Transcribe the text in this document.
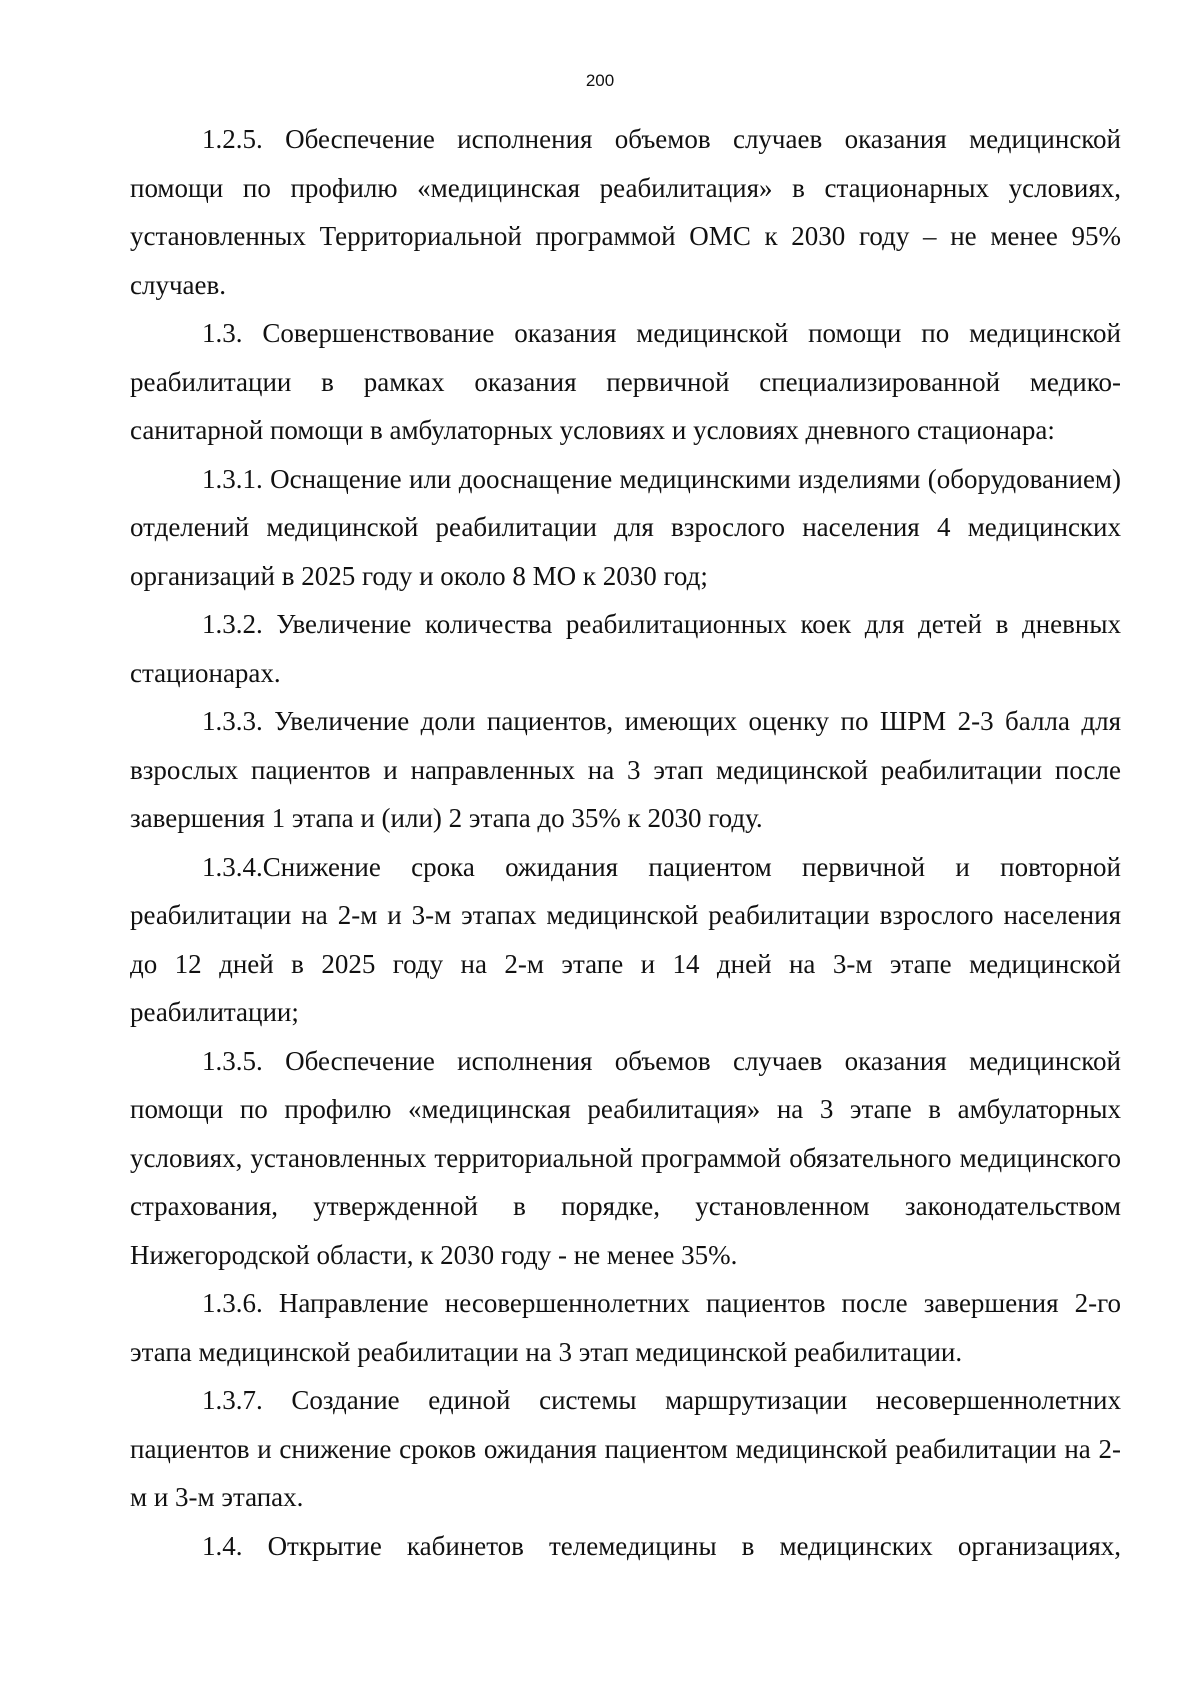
200

1.2.5. Обеспечение исполнения объемов случаев оказания медицинской помощи по профилю «медицинская реабилитация» в стационарных условиях, установленных Территориальной программой ОМС к 2030 году – не менее 95% случаев.

1.3. Совершенствование оказания медицинской помощи по медицинской реабилитации в рамках оказания первичной специализированной медико- санитарной помощи в амбулаторных условиях и условиях дневного стационара:

1.3.1. Оснащение или дооснащение медицинскими изделиями (оборудованием) отделений медицинской реабилитации для взрослого населения 4 медицинских организаций в 2025 году и около 8 МО к 2030 год;

1.3.2. Увеличение количества реабилитационных коек для детей в дневных стационарах.

1.3.3. Увеличение доли пациентов, имеющих оценку по ШРМ 2-3 балла для взрослых пациентов и направленных на 3 этап медицинской реабилитации после завершения 1 этапа и (или) 2 этапа до 35% к 2030 году.

1.3.4.Снижение срока ожидания пациентом первичной и повторной реабилитации на 2-м и 3-м этапах медицинской реабилитации взрослого населения до 12 дней в 2025 году на 2-м этапе и 14 дней на 3-м этапе медицинской реабилитации;

1.3.5. Обеспечение исполнения объемов случаев оказания медицинской помощи по профилю «медицинская реабилитация» на 3 этапе в амбулаторных условиях, установленных территориальной программой обязательного медицинского страхования, утвержденной в порядке, установленном законодательством Нижегородской области, к 2030 году - не менее 35%.

1.3.6. Направление несовершеннолетних пациентов после завершения 2-го этапа медицинской реабилитации на 3 этап медицинской реабилитации.

1.3.7. Создание единой системы маршрутизации несовершеннолетних пациентов и снижение сроков ожидания пациентом медицинской реабилитации на 2-м и 3-м этапах.

1.4. Открытие кабинетов телемедицины в медицинских организациях,
